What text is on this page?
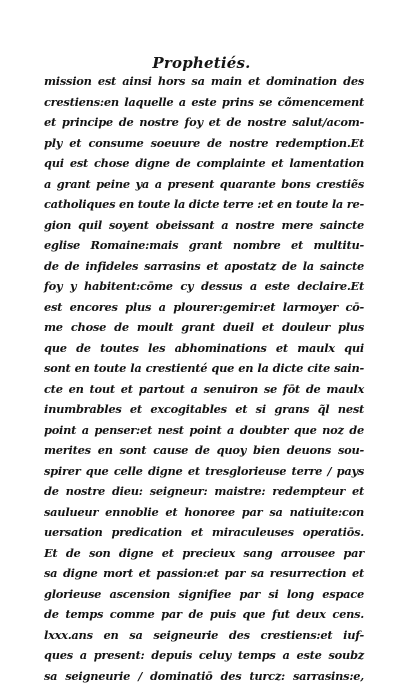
Prophetiés.
mission est ainsi hors sa main et domination des
crestiens:en laquelle a este prins se cõmencement
et principe de nostre foy et de nostre salut/acom-
ply et consume soeuure de nostre redemption.Et
qui est chose digne de complainte et lamentation
a grant peine ya a present quarante bons crestiẽs
catholiques en toute la dicte terre :et en toute la re-
gion quil soyent obeissant a nostre mere saincte
eglise Romaine:mais grant nombre et multitu-
de de infideles sarrasins et apostatz de la saincte
foy y habitent:cōme cy dessus a este declaire.Et
est encores plus a plourer:gemir:et larmoyer cō-
me chose de moult grant dueil et douleur plus
que de toutes les abhominations et maulx qui
sont en toute la crestienté que en la dicte cite sain-
cte en tout et partout a senuiron se fōt de maulx
inumbrables et excogitables et si grans q̃l nest
point a penser:et nest point a doubter que noz de
merites en sont cause de quoy bien deuons sou-
spirer que celle digne et tresglorieuse terre / pays
de nostre dieu: seigneur: maistre: redempteur et
saulueur ennoblie et honoree par sa natiuite:con
uersation predication et miraculeuses operatiōs.
Et de son digne et precieux sang arrousee par
sa digne mort et passion:et par sa resurrection et
glorieuse ascension signifiee par si long espace
de temps comme par de puis que fut deux cens.
lxxx.ans en sa seigneurie des crestiens:et iuf-
ques a present: depuis celuy temps a este soubz
sa seigneurie / dominatiō des turcz: sarrasins:e,
